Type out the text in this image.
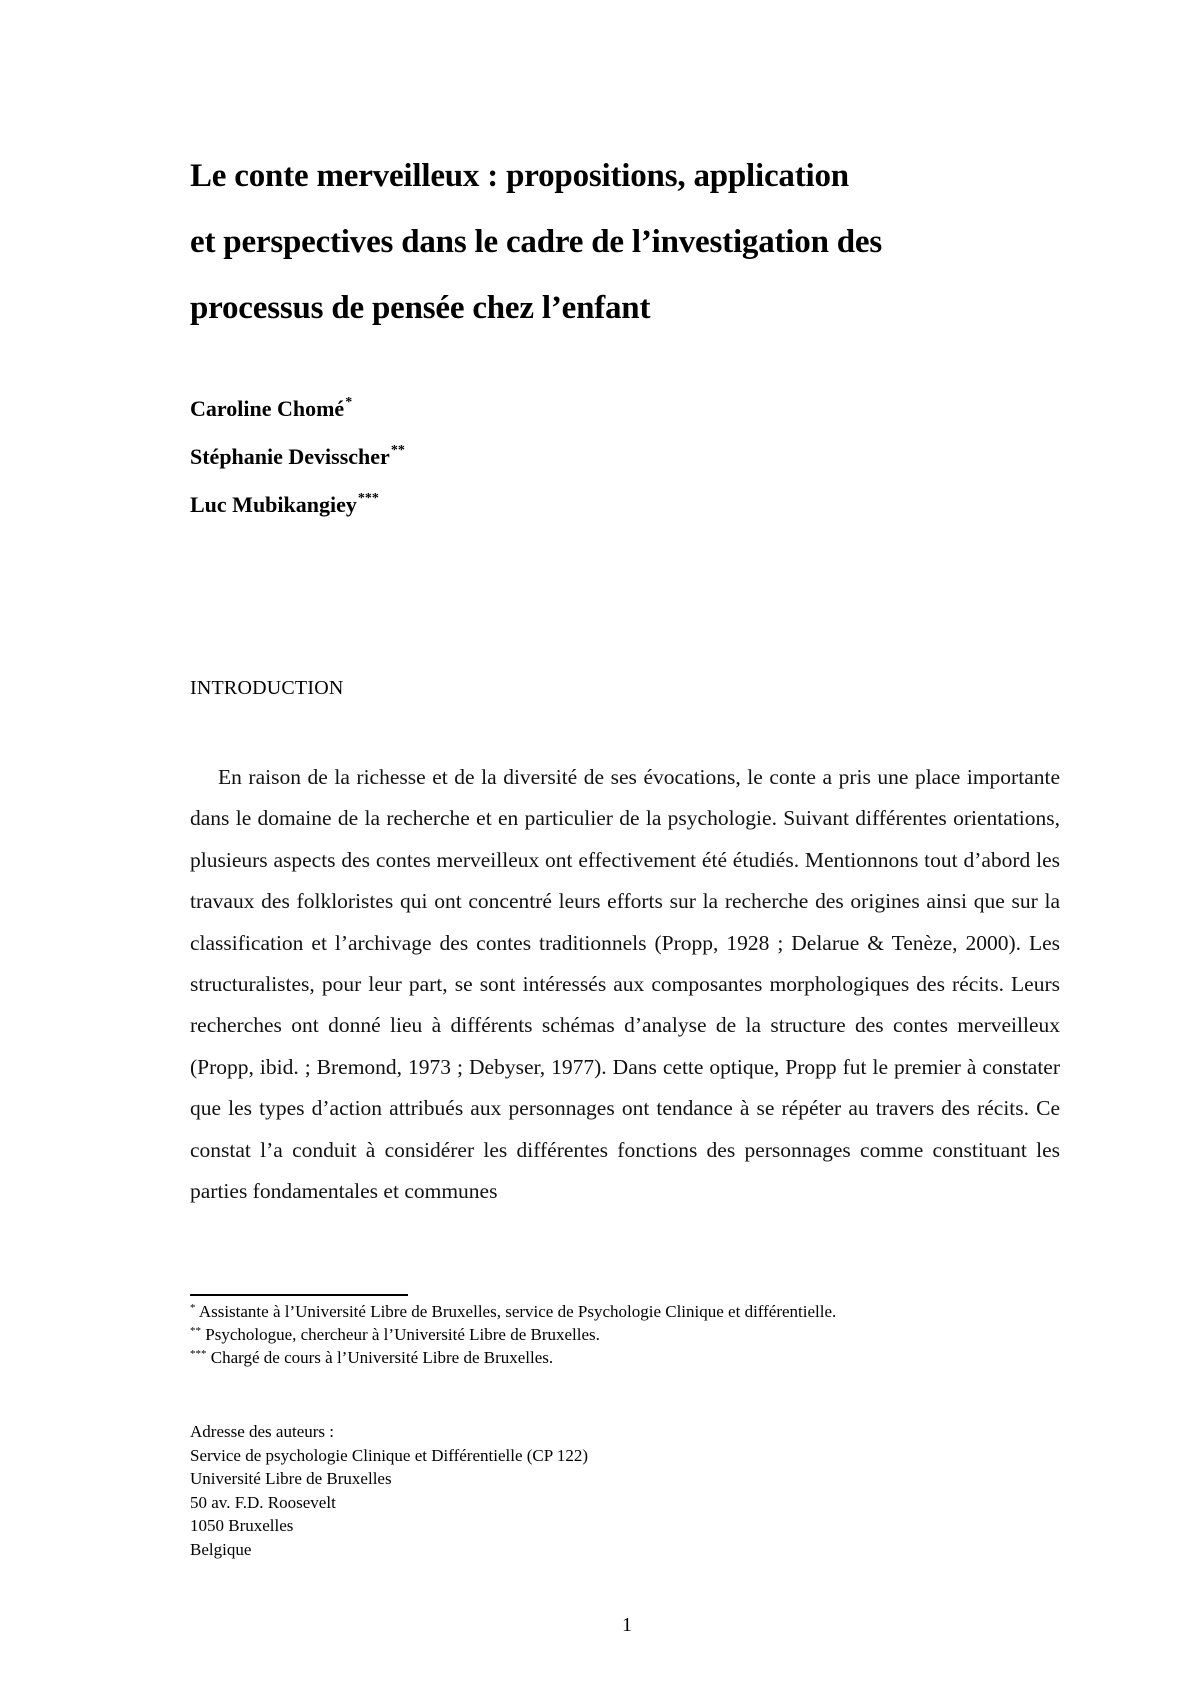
Le conte merveilleux : propositions, application
et perspectives dans le cadre de l’investigation des
processus de pensée chez l’enfant
Caroline Chomé*
Stéphanie Devisscher**
Luc Mubikangiey***
INTRODUCTION

En raison de la richesse et de la diversité de ses évocations, le conte a pris une place importante dans le domaine de la recherche et en particulier de la psychologie. Suivant différentes orientations, plusieurs aspects des contes merveilleux ont effectivement été étudiés. Mentionnons tout d’abord les travaux des folkloristes qui ont concentré leurs efforts sur la recherche des origines ainsi que sur la classification et l’archivage des contes traditionnels (Propp, 1928 ; Delarue & Tenèze, 2000). Les structuralistes, pour leur part, se sont intéressés aux composantes morphologiques des récits. Leurs recherches ont donné lieu à différents schémas d’analyse de la structure des contes merveilleux (Propp, ibid. ; Bremond, 1973 ; Debyser, 1977). Dans cette optique, Propp fut le premier à constater que les types d’action attribués aux personnages ont tendance à se répéter au travers des récits. Ce constat l’a conduit à considérer les différentes fonctions des personnages comme constituant les parties fondamentales et communes

* Assistante à l’Université Libre de Bruxelles, service de Psychologie Clinique et différentielle.
** Psychologue, chercheur à l’Université Libre de Bruxelles.
*** Chargé de cours à l’Université Libre de Bruxelles.
Adresse des auteurs :
Service de psychologie Clinique et Différentielle (CP 122)
Université Libre de Bruxelles
50 av. F.D. Roosevelt
1050 Bruxelles
Belgique
1
